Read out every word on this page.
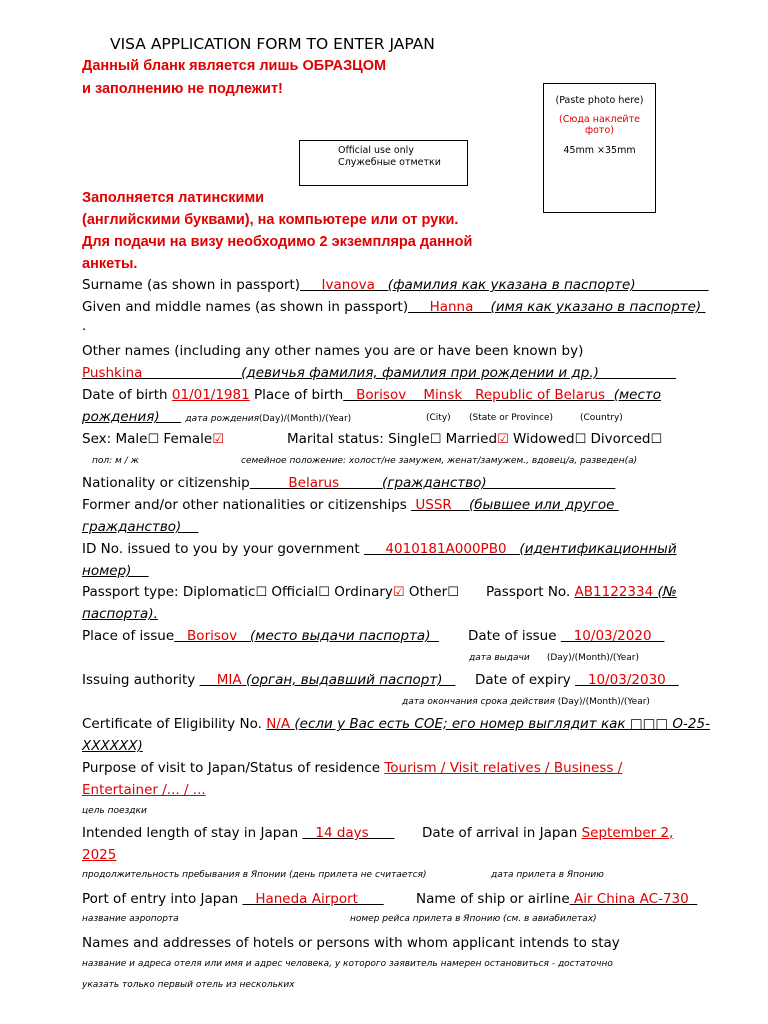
VISA APPLICATION FORM TO ENTER JAPAN
Данный бланк является лишь ОБРАЗЦОМ
и заполнению не подлежит!
(Paste photo here)
(Сюда наклейте
фото)
45mm ×35mm
Official use only
Служебные отметки
Заполняется латинскими
(английскими буквами), на компьютере или от руки.
Для подачи на визу необходимо 2 экземпляра данной
анкеты.
Surname (as shown in passport) Ivanova (фамилия как указана в паспорте)
Given and middle names (as shown in passport) Hanna (имя как указано в паспорте)
.
Other names (including any other names you are or have been known by)
Pushkina	(девичья фамилия, фамилия при рождении и др.)
Date of birth 01/01/1981 Place of birth Borisov Minsk Republic of Belarus (место
рождения)	дата рождения(Day)/(Month)/(Year)	(City) (State or Province)	(Country)
Sex: Male☐ Female☑	Marital status: Single☐ Married☑ Widowed☐ Divorced☐
пол: м / ж	семейное положение: холост/не замужем, женат/замужем., вдовец/а, разведен(а)
Nationality or citizenship	Belarus	(гражданство)
Former and/or other nationalities or citizenships USSR (бывшее или другое
гражданство)
ID No. issued to you by your government 4010181A000PB0 (идентификационный
номер)
Passport type: Diplomatic☐ Official☐ Ordinary☑ Other☐ Passport No. AB1122334 (№
паспорта).
Place of issue Borisov (место выдачи паспорта)	Date of issue 10/03/2020
дата выдачи (Day)/(Month)/(Year)
Issuing authority MIA (орган, выдавший паспорт)	Date of expiry 10/03/2030
дата окончания срока действия (Day)/(Month)/(Year)
Certificate of Eligibility No. N/A (если у Вас есть СОЕ; его номер выглядит как □□□ О-25-
XXXXXX)
Purpose of visit to Japan/Status of residence Tourism / Visit relatives / Business /
Entertainer /... / ...
цель поездки
Intended length of stay in Japan 14 days	Date of arrival in Japan September 2,
2025
продолжительность пребывания в Японии (день прилета не считается)	дата прилета в Японию
Port of entry into Japan Haneda Airport	Name of ship or airline Air China AC-730
название аэропорта	номер рейса прилета в Японию (см. в авиабилетах)
Names and addresses of hotels or persons with whom applicant intends to stay
название и адреса отеля или имя и адрес человека, у которого заявитель намерен остановиться - достаточно
указать только первый отель из нескольких
